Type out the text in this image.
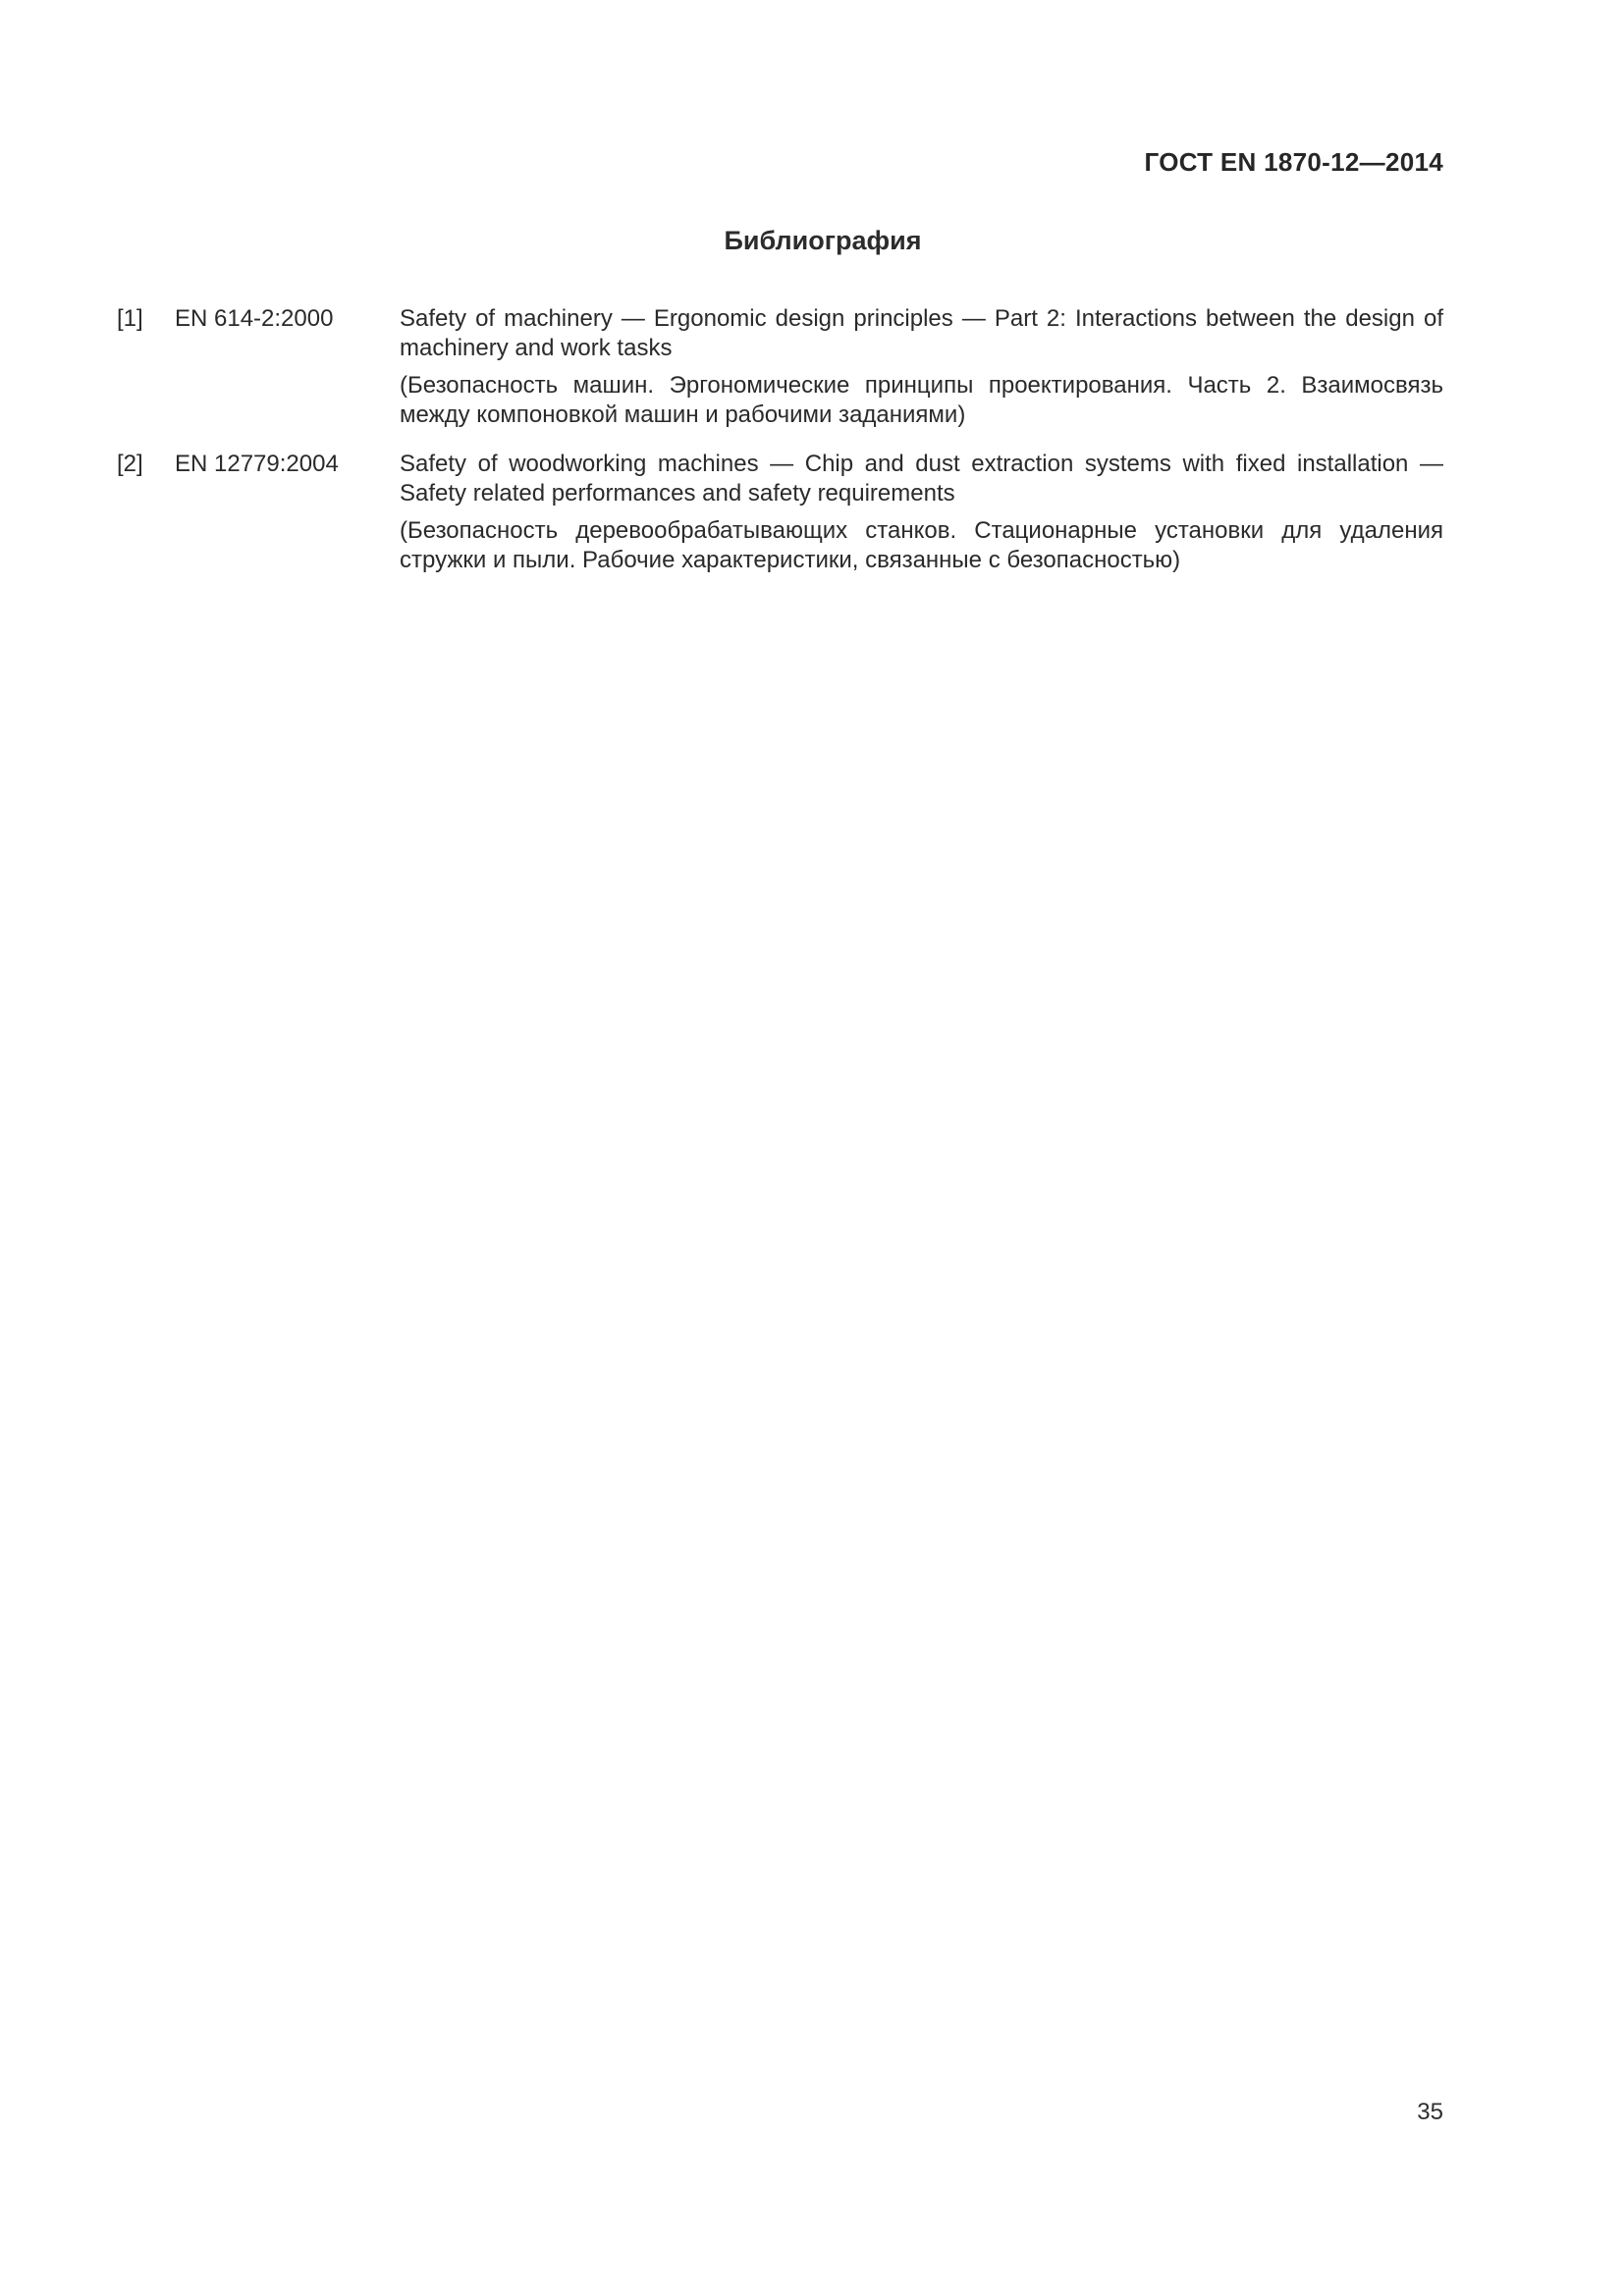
ГОСТ EN 1870-12—2014
Библиография
[1] EN 614-2:2000	Safety of machinery — Ergonomic design principles — Part 2: Interactions between the design of machinery and work tasks
(Безопасность машин. Эргономические принципы проектирования. Часть 2. Взаимосвязь между компоновкой машин и рабочими заданиями)
[2] EN 12779:2004	Safety of woodworking machines — Chip and dust extraction systems with fixed installation — Safety related performances and safety requirements
(Безопасность деревообрабатывающих станков. Стационарные установки для удаления стружки и пыли. Рабочие характеристики, связанные с безопасностью)
35
